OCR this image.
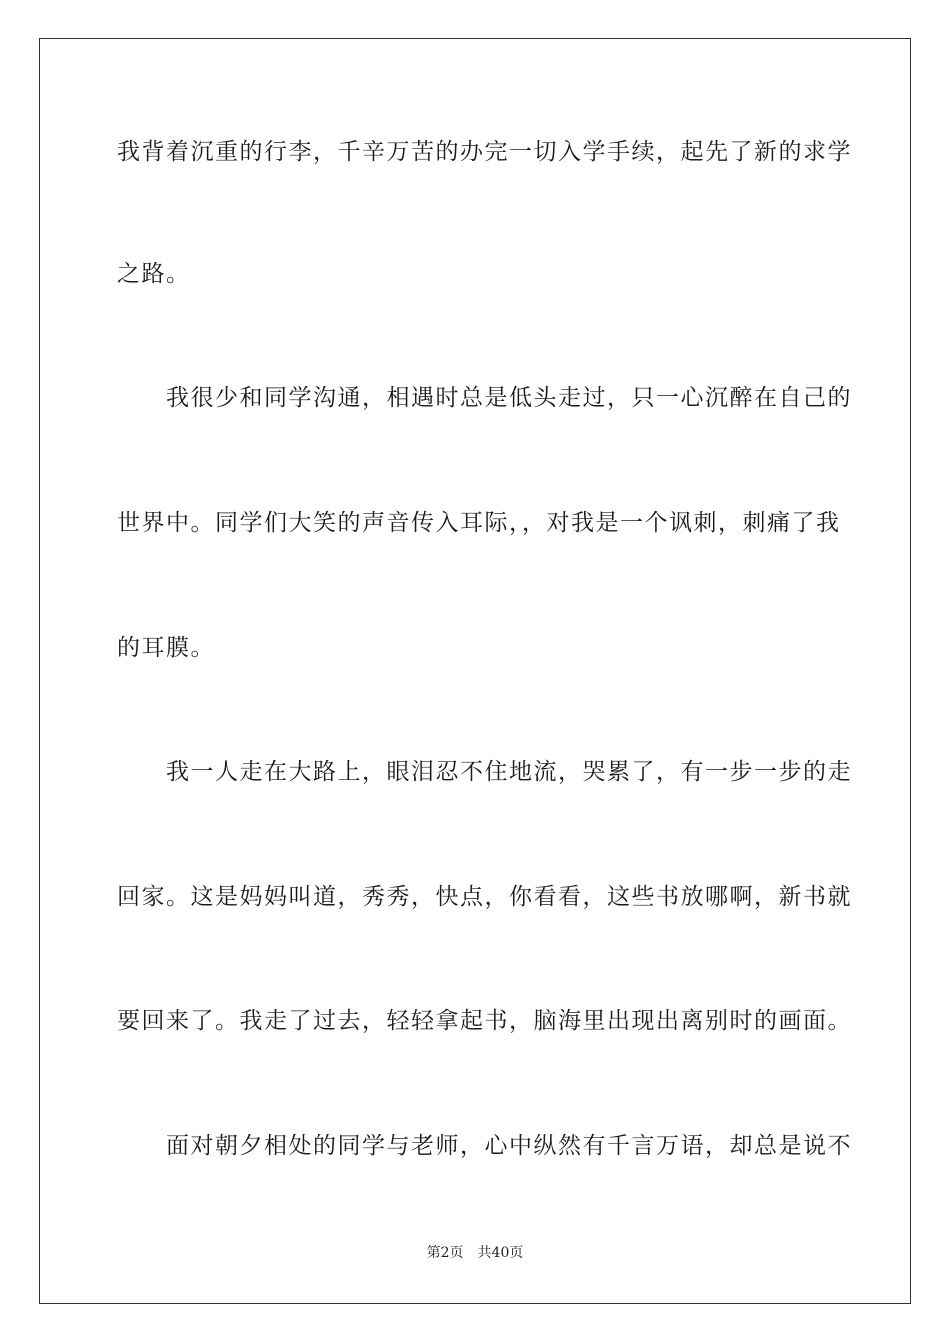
我背着沉重的行李，千辛万苦的办完一切入学手续，起先了新的求学
之路。
　　我很少和同学沟通，相遇时总是低头走过，只一心沉醉在自己的
世界中。同学们大笑的声音传入耳际，，对我是一个讽刺，刺痛了我
的耳膜。
　　我一人走在大路上，眼泪忍不住地流，哭累了，有一步一步的走
回家。这是妈妈叫道，秀秀，快点，你看看，这些书放哪啊，新书就
要回来了。我走了过去，轻轻拿起书，脑海里出现出离别时的画面。
　　面对朝夕相处的同学与老师，心中纵然有千言万语，却总是说不
第2页 共40页
